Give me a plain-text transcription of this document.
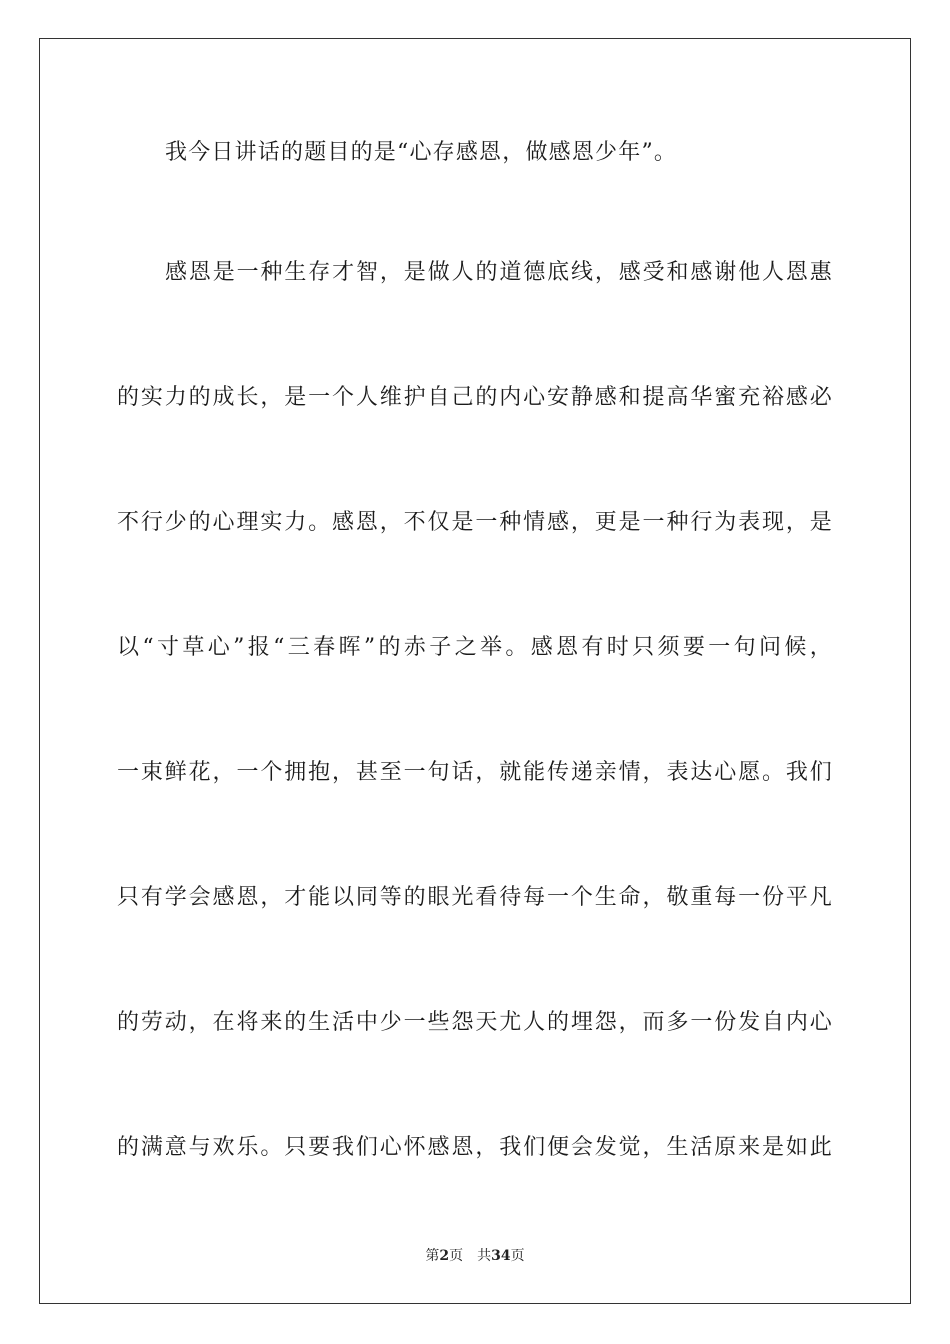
我今日讲话的题目的是“心存感恩，做感恩少年”。
感恩是一种生存才智，是做人的道德底线，感受和感谢他人恩惠
的实力的成长，是一个人维护自己的内心安静感和提高华蜜充裕感必
不行少的心理实力。感恩，不仅是一种情感，更是一种行为表现，是
以“寸草心”报“三春晖”的赤子之举。感恩有时只须要一句问候，
一束鲜花，一个拥抱，甚至一句话，就能传递亲情，表达心愿。我们
只有学会感恩，才能以同等的眼光看待每一个生命，敬重每一份平凡
的劳动，在将来的生活中少一些怨天尤人的埋怨，而多一份发自内心
的满意与欢乐。只要我们心怀感恩，我们便会发觉，生活原来是如此
第2页 共34页
